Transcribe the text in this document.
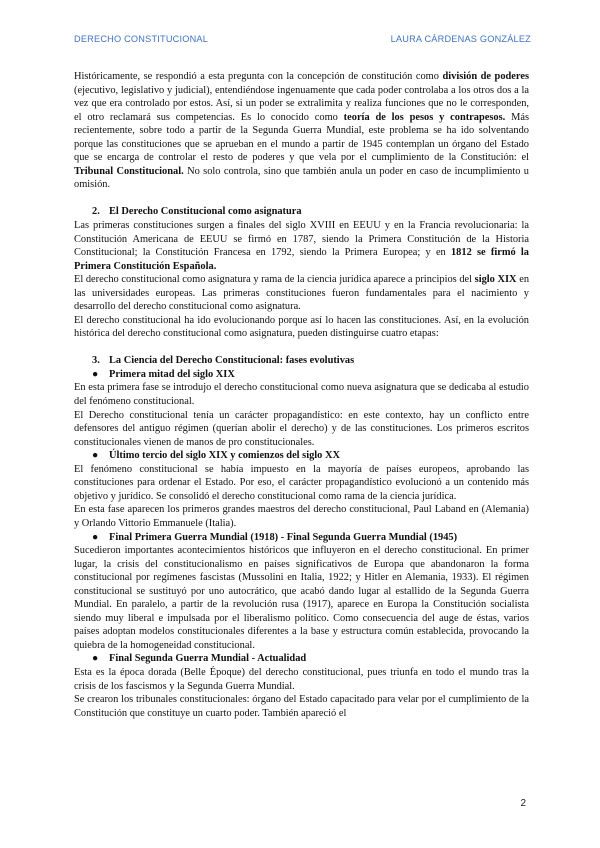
DERECHO CONSTITUCIONAL	LAURA CÁRDENAS GONZÁLEZ

Históricamente, se respondió a esta pregunta con la concepción de constitución como división de poderes (ejecutivo, legislativo y judicial), entendiéndose ingenuamente que cada poder controlaba a los otros dos a la vez que era controlado por estos. Así, si un poder se extralimita y realiza funciones que no le corresponden, el otro reclamará sus competencias. Es lo conocido como teoría de los pesos y contrapesos. Más recientemente, sobre todo a partir de la Segunda Guerra Mundial, este problema se ha ido solventando porque las constituciones que se aprueban en el mundo a partir de 1945 contemplan un órgano del Estado que se encarga de controlar el resto de poderes y que vela por el cumplimiento de la Constitución: el Tribunal Constitucional. No solo controla, sino que también anula un poder en caso de incumplimiento u omisión.

2. El Derecho Constitucional como asignatura

Las primeras constituciones surgen a finales del siglo XVIII en EEUU y en la Francia revolucionaria: la Constitución Americana de EEUU se firmó en 1787, siendo la Primera Constitución de la Historia Constitucional; la Constitución Francesa en 1792, siendo la Primera Europea; y en 1812 se firmó la Primera Constitución Española.

El derecho constitucional como asignatura y rama de la ciencia jurídica aparece a principios del siglo XIX en las universidades europeas. Las primeras constituciones fueron fundamentales para el nacimiento y desarrollo del derecho constitucional como asignatura.

El derecho constitucional ha ido evolucionando porque así lo hacen las constituciones. Así, en la evolución histórica del derecho constitucional como asignatura, pueden distinguirse cuatro etapas:

3. La Ciencia del Derecho Constitucional: fases evolutivas
● Primera mitad del siglo XIX

En esta primera fase se introdujo el derecho constitucional como nueva asignatura que se dedicaba al estudio del fenómeno constitucional.

El Derecho constitucional tenía un carácter propagandístico: en este contexto, hay un conflicto entre defensores del antiguo régimen (querían abolir el derecho) y de las constituciones. Los primeros escritos constitucionales vienen de manos de pro constitucionales.

● Último tercio del siglo XIX y comienzos del siglo XX

El fenómeno constitucional se había impuesto en la mayoría de países europeos, aprobando las constituciones para ordenar el Estado. Por eso, el carácter propagandístico evolucionó a un contenido más objetivo y jurídico. Se consolidó el derecho constitucional como rama de la ciencia jurídica.

En esta fase aparecen los primeros grandes maestros del derecho constitucional, Paul Laband en (Alemania) y Orlando Vittorio Emmanuele (Italia).

● Final Primera Guerra Mundial (1918) - Final Segunda Guerra Mundial (1945)

Sucedieron importantes acontecimientos históricos que influyeron en el derecho constitucional. En primer lugar, la crisis del constitucionalismo en países significativos de Europa que abandonaron la forma constitucional por regímenes fascistas (Mussolini en Italia, 1922; y Hitler en Alemania, 1933). El régimen constitucional se sustituyó por uno autocrático, que acabó dando lugar al estallido de la Segunda Guerra Mundial. En paralelo, a partir de la revolución rusa (1917), aparece en Europa la Constitución socialista siendo muy liberal e impulsada por el liberalismo político. Como consecuencia del auge de éstas, varios países adoptan modelos constitucionales diferentes a la base y estructura común establecida, provocando la quiebra de la homogeneidad constitucional.

● Final Segunda Guerra Mundial - Actualidad

Esta es la época dorada (Belle Époque) del derecho constitucional, pues triunfa en todo el mundo tras la crisis de los fascismos y la Segunda Guerra Mundial.

Se crearon los tribunales constitucionales: órgano del Estado capacitado para velar por el cumplimiento de la Constitución que constituye un cuarto poder. También apareció el

2
